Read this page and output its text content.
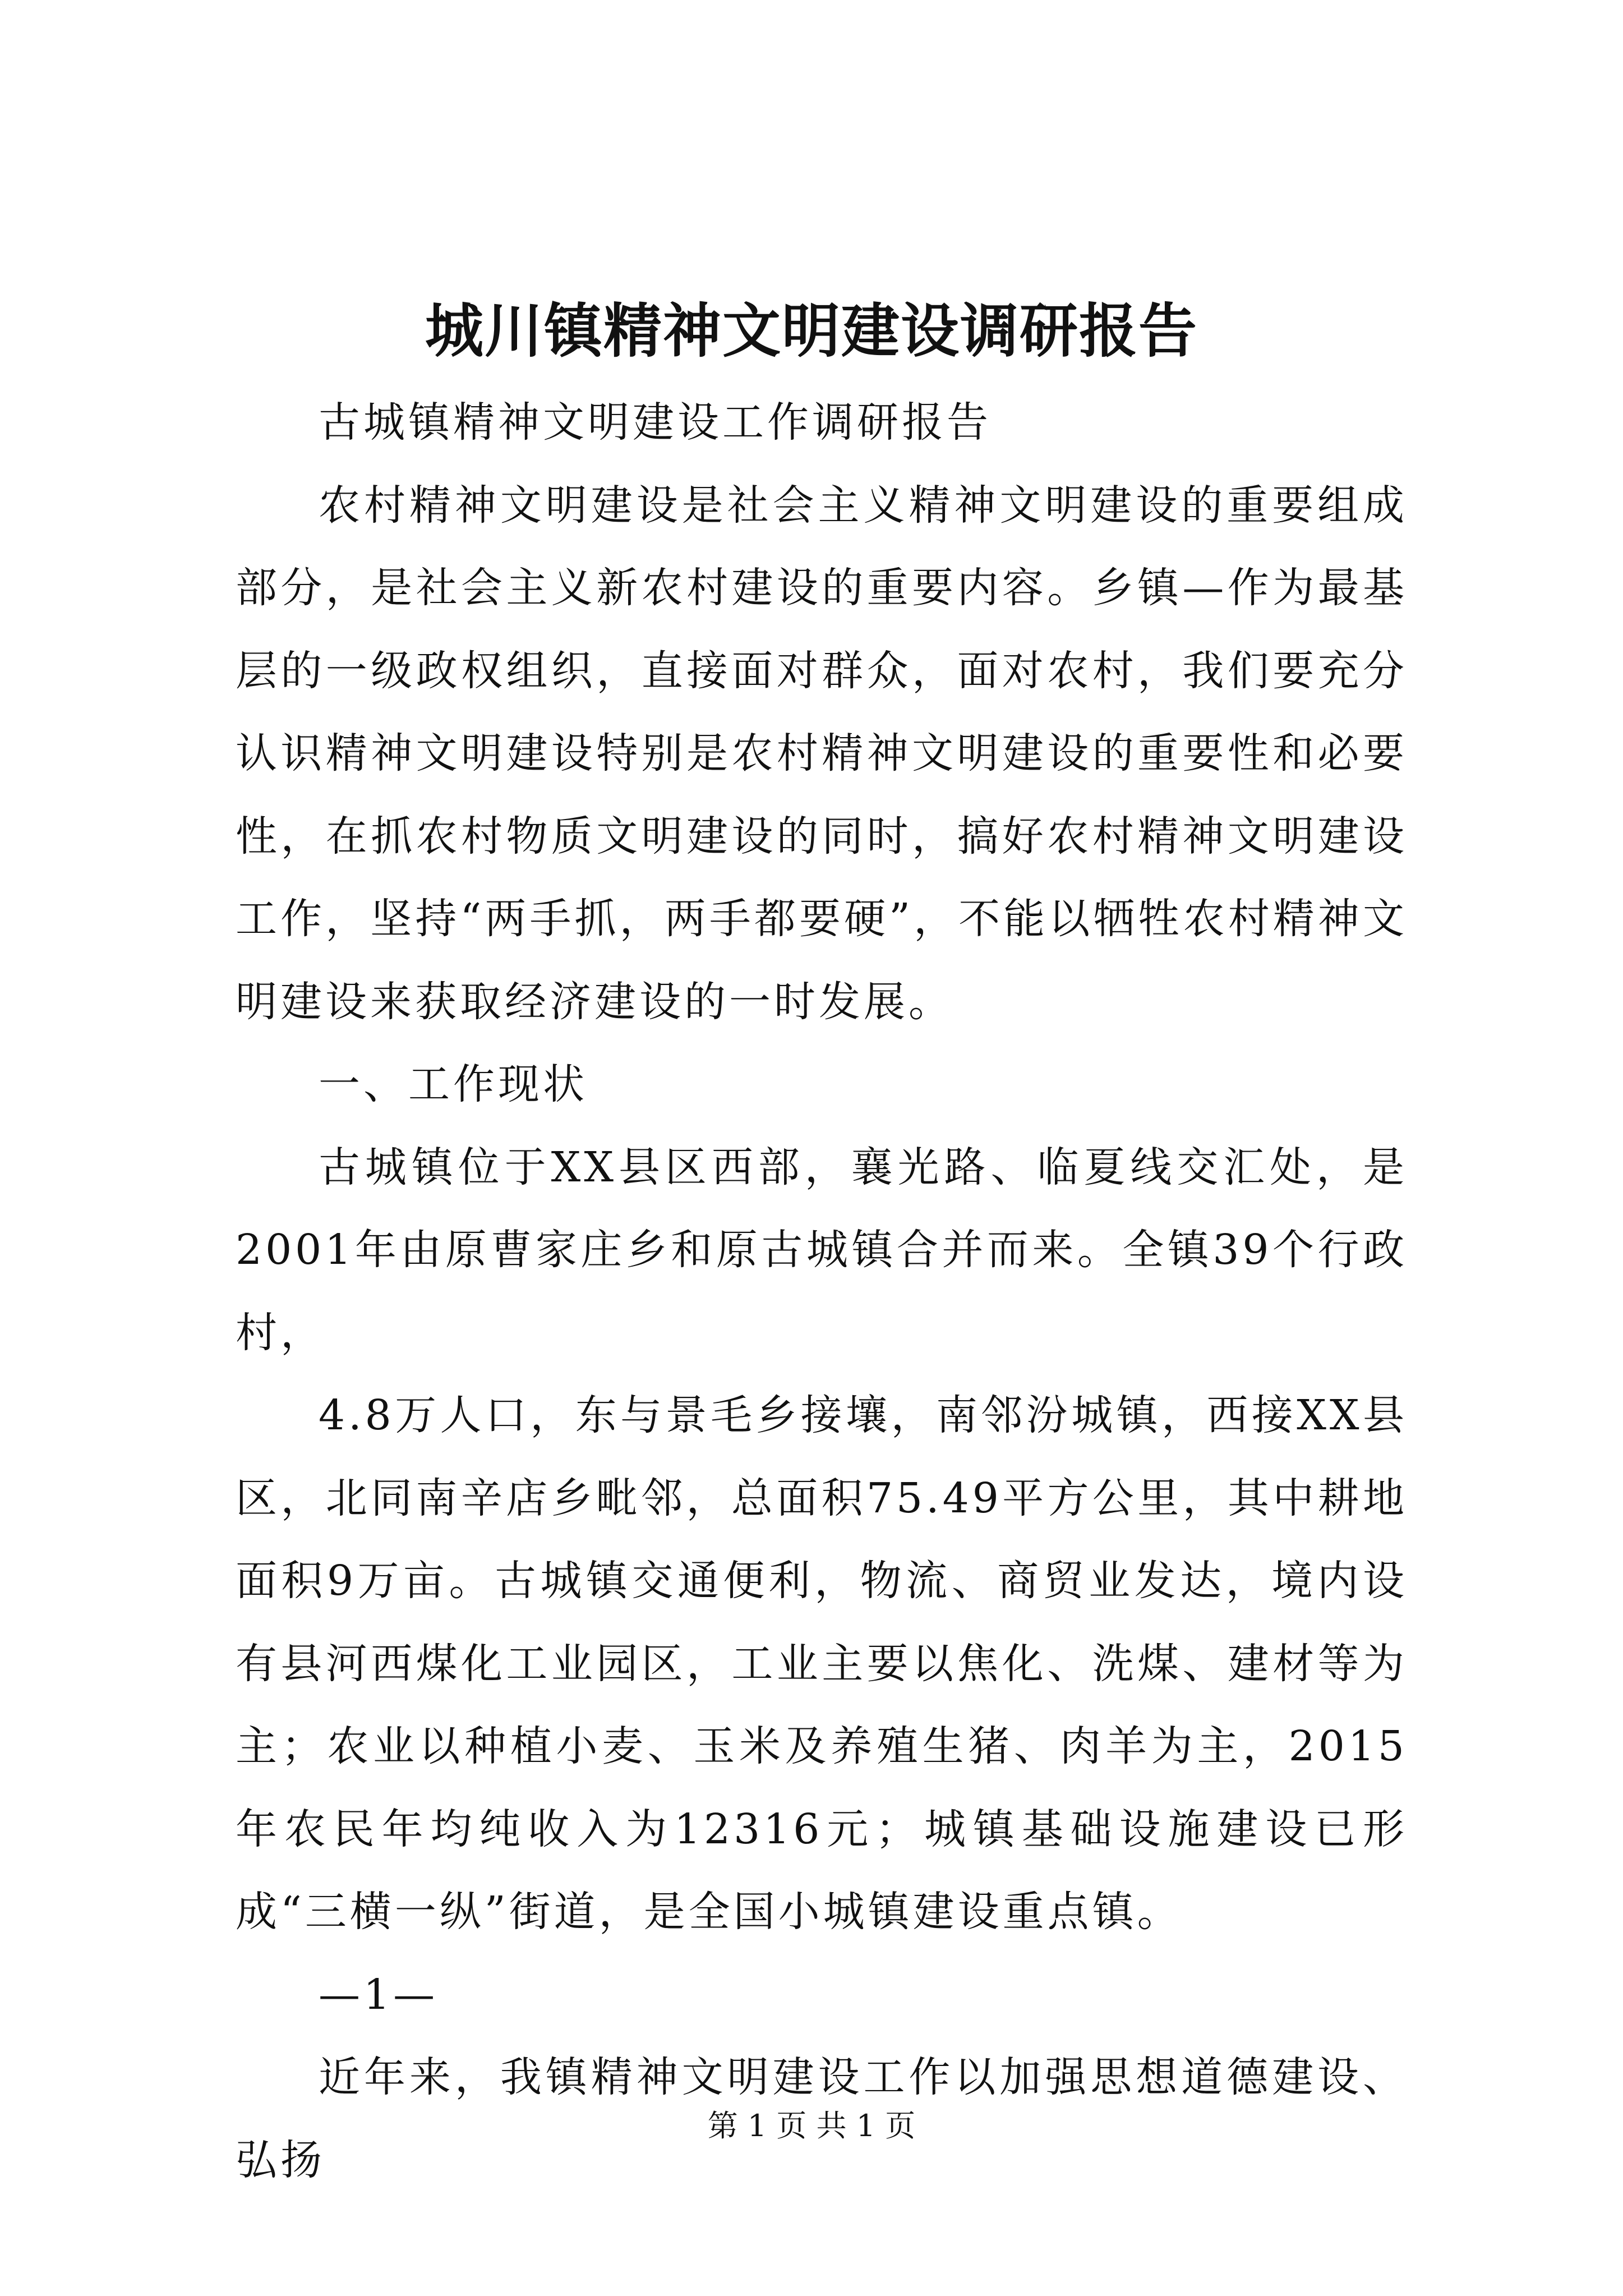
城川镇精神文明建设调研报告

古城镇精神文明建设工作调研报告

农村精神文明建设是社会主义精神文明建设的重要组成部分，是社会主义新农村建设的重要内容。乡镇—作为最基层的一级政权组织，直接面对群众，面对农村，我们要充分认识精神文明建设特别是农村精神文明建设的重要性和必要性，在抓农村物质文明建设的同时，搞好农村精神文明建设工作，坚持“两手抓，两手都要硬”，不能以牺牲农村精神文明建设来获取经济建设的一时发展。

一、工作现状

古城镇位于XX县区西部，襄光路、临夏线交汇处，是2001年由原曹家庄乡和原古城镇合并而来。全镇39个行政村，

4.8万人口，东与景毛乡接壤，南邻汾城镇，西接XX县区，北同南辛店乡毗邻，总面积75.49平方公里，其中耕地面积9万亩。古城镇交通便利，物流、商贸业发达，境内设有县河西煤化工业园区，工业主要以焦化、洗煤、建材等为主；农业以种植小麦、玉米及养殖生猪、肉羊为主，2015年农民年均纯收入为12316元；城镇基础设施建设已形成“三横一纵”街道，是全国小城镇建设重点镇。

—1—

近年来，我镇精神文明建设工作以加强思想道德建设、弘扬

第 1 页 共 1 页
